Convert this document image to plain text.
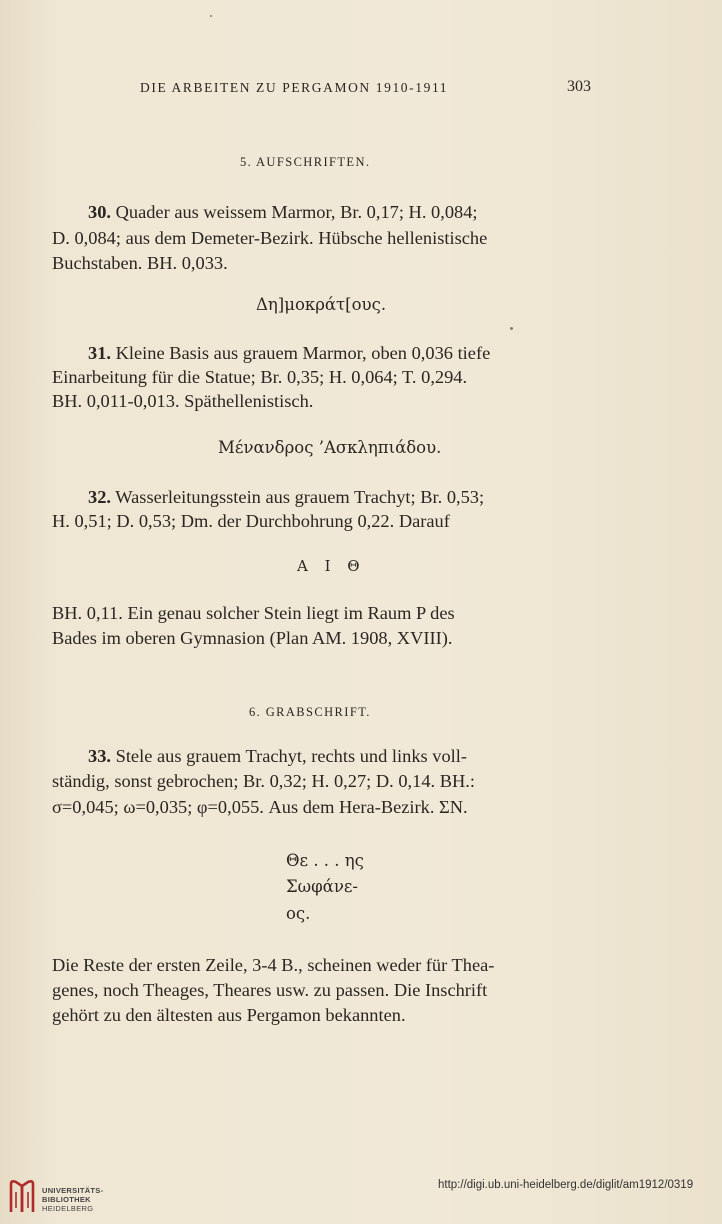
DIE ARBEITEN ZU PERGAMON 1910-1911	303
5. AUFSCHRIFTEN.
30. Quader aus weissem Marmor, Br. 0,17; H. 0,084;
D. 0,084; aus dem Demeter-Bezirk. Hübsche hellenistische
Buchstaben. BH. 0,033.
Δη]μοκράτ[ους.
31. Kleine Basis aus grauem Marmor, oben 0,036 tiefe
Einarbeitung für die Statue; Br. 0,35; H. 0,064; T. 0,294.
BH. 0,011-0,013. Späthellenistisch.
Μένανδρος ’Ασκληπιάδου.
32. Wasserleitungsstein aus grauem Trachyt; Br. 0,53;
H. 0,51; D. 0,53; Dm. der Durchbohrung 0,22. Darauf
Α Ι Θ
BH. 0,11. Ein genau solcher Stein liegt im Raum P des
Bades im oberen Gymnasion (Plan AM. 1908, XVIII).
6. GRABSCHRIFT.
33. Stele aus grauem Trachyt, rechts und links voll-
ständig, sonst gebrochen; Br. 0,32; H. 0,27; D. 0,14. BH.:
σ=0,045; ω=0,035; φ=0,055. Aus dem Hera-Bezirk. ΣΝ.
Θε . . . ης
Σωφάνε-
ος.
Die Reste der ersten Zeile, 3-4 B., scheinen weder für Thea-
genes, noch Theages, Theares usw. zu passen. Die Inschrift
gehört zu den ältesten aus Pergamon bekannten.
UNIVERSITÄTS-
BIBLIOTHEK
HEIDELBERG
http://digi.ub.uni-heidelberg.de/diglit/am1912/0319
